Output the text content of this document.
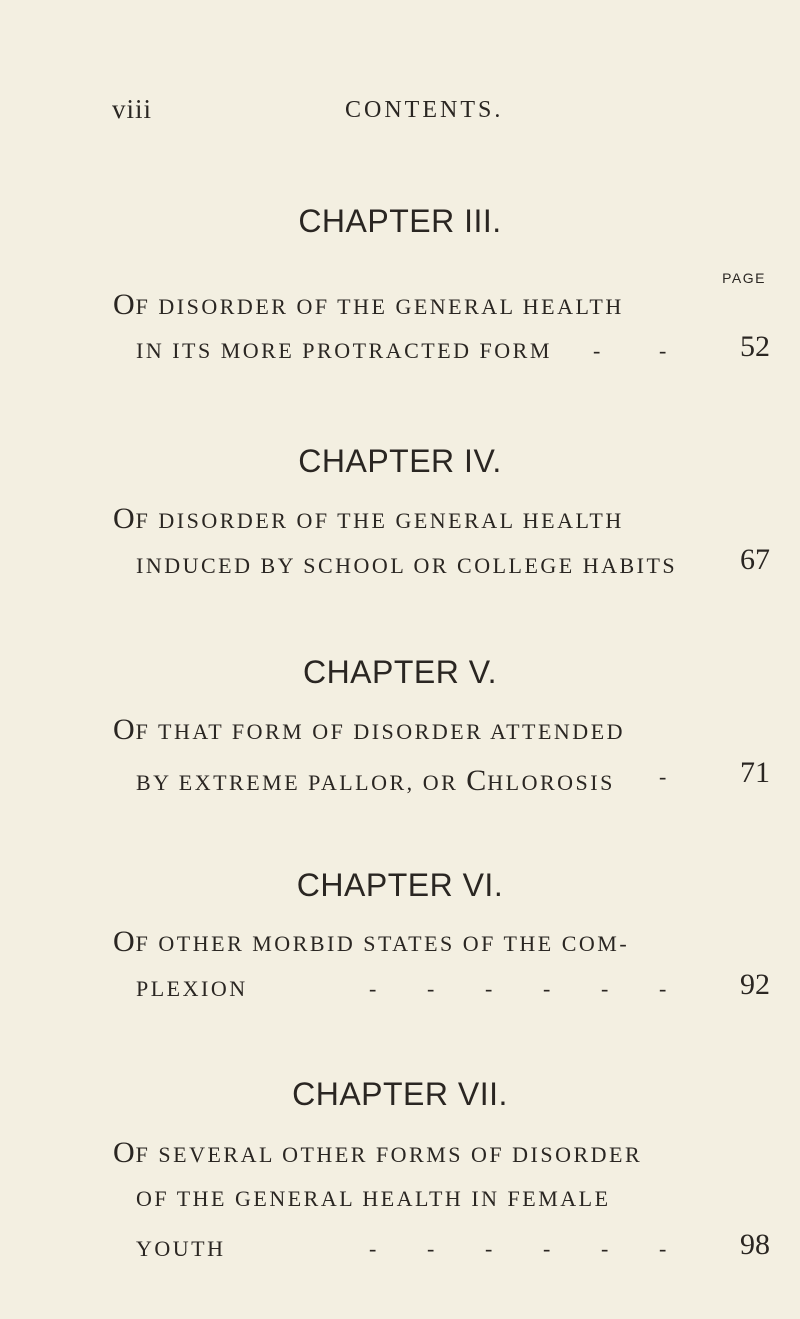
viii	CONTENTS.
CHAPTER III.
PAGE
OF DISORDER OF THE GENERAL HEALTH
IN ITS MORE PROTRACTED FORM -	- 52
CHAPTER IV.
OF DISORDER OF THE GENERAL HEALTH
INDUCED BY SCHOOL OR COLLEGE HABITS 67
CHAPTER V.
OF THAT FORM OF DISORDER ATTENDED
BY EXTREME PALLOR, OR CHLOROSIS - 71
CHAPTER VI.
OF OTHER MORBID STATES OF THE COM-
PLEXION	- - - - - - 92
CHAPTER VII.
OF SEVERAL OTHER FORMS OF DISORDER
OF THE GENERAL HEALTH IN FEMALE
YOUTH	- - - - - - 98
